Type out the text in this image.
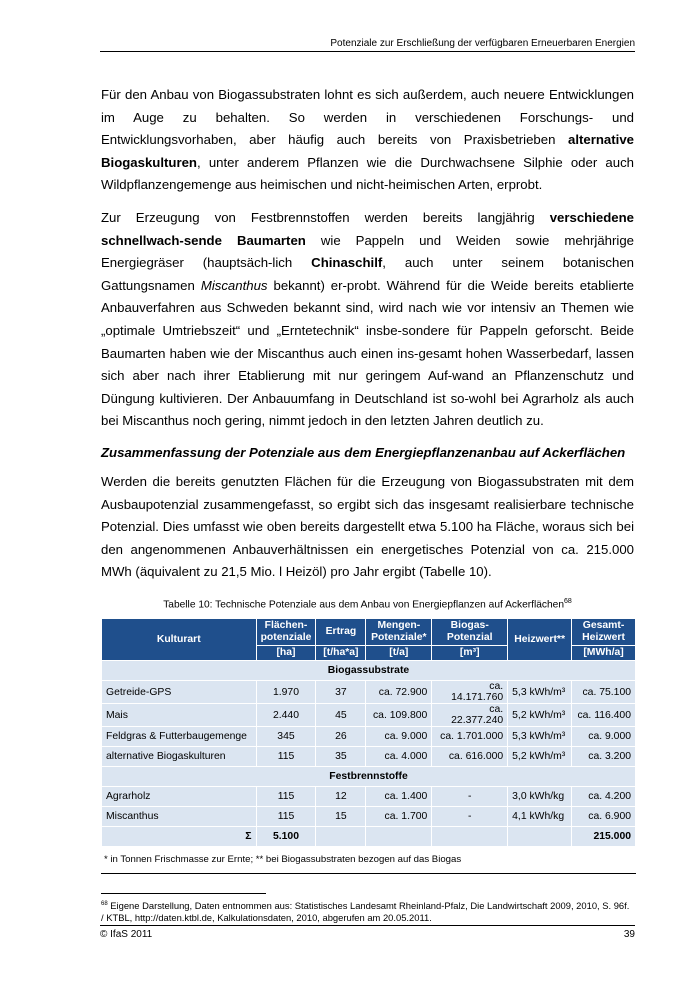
Potenziale zur Erschließung der verfügbaren Erneuerbaren Energien

Für den Anbau von Biogassubstraten lohnt es sich außerdem, auch neuere Entwicklungen im Auge zu behalten. So werden in verschiedenen Forschungs- und Entwicklungsvorhaben, aber häufig auch bereits von Praxisbetrieben alternative Biogaskulturen, unter anderem Pflanzen wie die Durchwachsene Silphie oder auch Wildpflanzengemenge aus heimischen und nicht-heimischen Arten, erprobt.

Zur Erzeugung von Festbrennstoffen werden bereits langjährig verschiedene schnellwach-sende Baumarten wie Pappeln und Weiden sowie mehrjährige Energiegräser (hauptsäch-lich Chinaschilf, auch unter seinem botanischen Gattungsnamen Miscanthus bekannt) er-probt. Während für die Weide bereits etablierte Anbauverfahren aus Schweden bekannt sind, wird nach wie vor intensiv an Themen wie „optimale Umtriebszeit“ und „Erntetechnik“ insbe-sondere für Pappeln geforscht. Beide Baumarten haben wie der Miscanthus auch einen ins-gesamt hohen Wasserbedarf, lassen sich aber nach ihrer Etablierung mit nur geringem Auf-wand an Pflanzenschutz und Düngung kultivieren. Der Anbauumfang in Deutschland ist so-wohl bei Agrarholz als auch bei Miscanthus noch gering, nimmt jedoch in den letzten Jahren deutlich zu.

Zusammenfassung der Potenziale aus dem Energiepflanzenanbau auf Ackerflächen

Werden die bereits genutzten Flächen für die Erzeugung von Biogassubstraten mit dem Ausbaupotenzial zusammengefasst, so ergibt sich das insgesamt realisierbare technische Potenzial. Dies umfasst wie oben bereits dargestellt etwa 5.100 ha Fläche, woraus sich bei den angenommenen Anbauverhältnissen ein energetisches Potenzial von ca. 215.000 MWh (äquivalent zu 21,5 Mio. l Heizöl) pro Jahr ergibt (Tabelle 10).

Tabelle 10: Technische Potenziale aus dem Anbau von Energiepflanzen auf Ackerflächen$^{68}$
Kulturart	Flächen-potenziale	Ertrag	Mengen-Potenziale*	Biogas-Potenzial	Heizwert**	Gesamt-Heizwert
	[ha]	[t/ha*a]	[t/a]	[m³]		[MWh/a]
Biogassubstrate						
Getreide-GPS	1.970	37	ca. 72.900	ca. 14.171.760	5,3 kWh/m³	ca. 75.100
Mais	2.440	45	ca. 109.800	ca. 22.377.240	5,2 kWh/m³	ca. 116.400
Feldgras & Futterbaugemenge	345	26	ca. 9.000	ca. 1.701.000	5,3 kWh/m³	ca. 9.000
alternative Biogaskulturen	115	35	ca. 4.000	ca. 616.000	5,2 kWh/m³	ca. 3.200
Festbrennstoffe						
Agrarholz	115	12	ca. 1.400	-	3,0 kWh/kg	ca. 4.200
Miscanthus	115	15	ca. 1.700	-	4,1 kWh/kg	ca. 6.900
Σ	5.100					215.000
* in Tonnen Frischmasse zur Ernte; ** bei Biogassubstraten bezogen auf das Biogas						
$^{68}$ Eigene Darstellung, Daten entnommen aus: Statistisches Landesamt Rheinland-Pfalz, Die Landwirtschaft 2009, 2010, S. 96f. / KTBL, http://daten.ktbl.de, Kalkulationsdaten, 2010, abgerufen am 20.05.2011.
© IfaS 2011	39
